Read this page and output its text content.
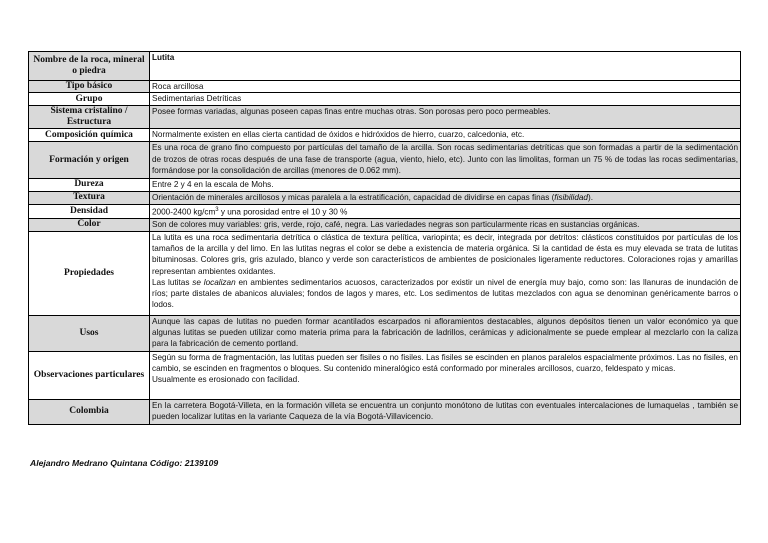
Nombre de la roca, mineral o piedra	Lutita
Tipo básico	Roca arcillosa
Grupo	Sedimentarias Detríticas
Sistema cristalino / Estructura	Posee formas variadas, algunas poseen capas finas entre muchas otras. Son porosas pero poco permeables.
Composición química	Normalmente existen en ellas cierta cantidad de óxidos e hidróxidos de hierro, cuarzo, calcedonia, etc.
Formación y origen	Es una roca de grano fino compuesto por partículas del tamaño de la arcilla. Son rocas sedimentarias detríticas que son formadas a partir de la sedimentación de trozos de otras rocas después de una fase de transporte (agua, viento, hielo, etc). Junto con las limolitas, forman un 75 % de todas las rocas sedimentarias, formándose por la consolidación de arcillas (menores de 0.062 mm).
Dureza	Entre 2 y 4 en la escala de Mohs.
Textura	Orientación de minerales arcillosos y micas paralela a la estratificación, capacidad de dividirse en capas finas (fisibilidad).
Densidad	2000-2400 $kg/cm^3$ y una porosidad entre el 10 y 30 %
Color	Son de colores muy variables: gris, verde, rojo, café, negra. Las variedades negras son particularmente ricas en sustancias orgánicas.
Propiedades	La lutita es una roca sedimentaria detrítica o clástica de textura pelítica, variopinta; es decir, integrada por detritos: clásticos constituidos por partículas de los tamaños de la arcilla y del limo. En las lutitas negras el color se debe a existencia de materia orgánica. Si la cantidad de ésta es muy elevada se trata de lutitas bituminosas. Colores gris, gris azulado, blanco y verde son característicos de ambientes de posicionales ligeramente reductores. Coloraciones rojas y amarillas representan ambientes oxidantes.

Las lutitas se localizan en ambientes sedimentarios acuosos, caracterizados por existir un nivel de energía muy bajo, como son: las llanuras de inundación de ríos; parte distales de abanicos aluviales; fondos de lagos y mares, etc. Los sedimentos de lutitas mezclados con agua se denominan genéricamente barros o lodos.

Usos	Aunque las capas de lutitas no pueden formar acantilados escarpados ni afloramientos destacables, algunos depósitos tienen un valor económico ya que algunas lutitas se pueden utilizar como materia prima para la fabricación de ladrillos, cerámicas y adicionalmente se puede emplear al mezclarlo con la caliza para la fabricación de cemento portland.
Observaciones particulares	Según su forma de fragmentación, las lutitas pueden ser fisiles o no fisiles. Las fisiles se escinden en planos paralelos espacialmente próximos. Las no fisiles, en cambio, se escinden en fragmentos o bloques. Su contenido mineralógico está conformado por minerales arcillosos, cuarzo, feldespato y micas.

Usualmente es erosionado con facilidad.

Colombia	En la carretera Bogotá-Villeta, en la formación villeta se encuentra un conjunto monótono de lutitas con eventuales intercalaciones de lumaquelas , también se pueden localizar lutitas en la variante Caqueza de la vía Bogotá-Villavicencio.
Alejandro Medrano Quintana Código: 2139109
